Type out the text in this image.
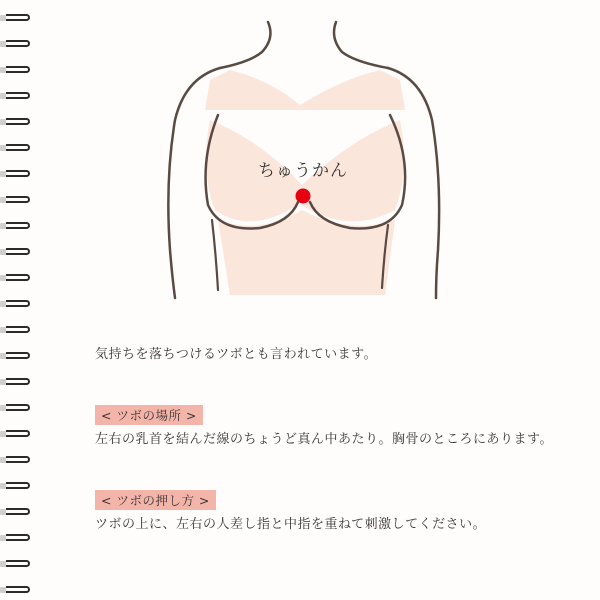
ちゅうかん
気持ちを落ちつけるツボとも言われています。
< ツボの場所 >
左右の乳首を結んだ線のちょうど真ん中あたり。胸骨のところにあります。
< ツボの押し方 >
ツボの上に、左右の人差し指と中指を重ねて刺激してください。
